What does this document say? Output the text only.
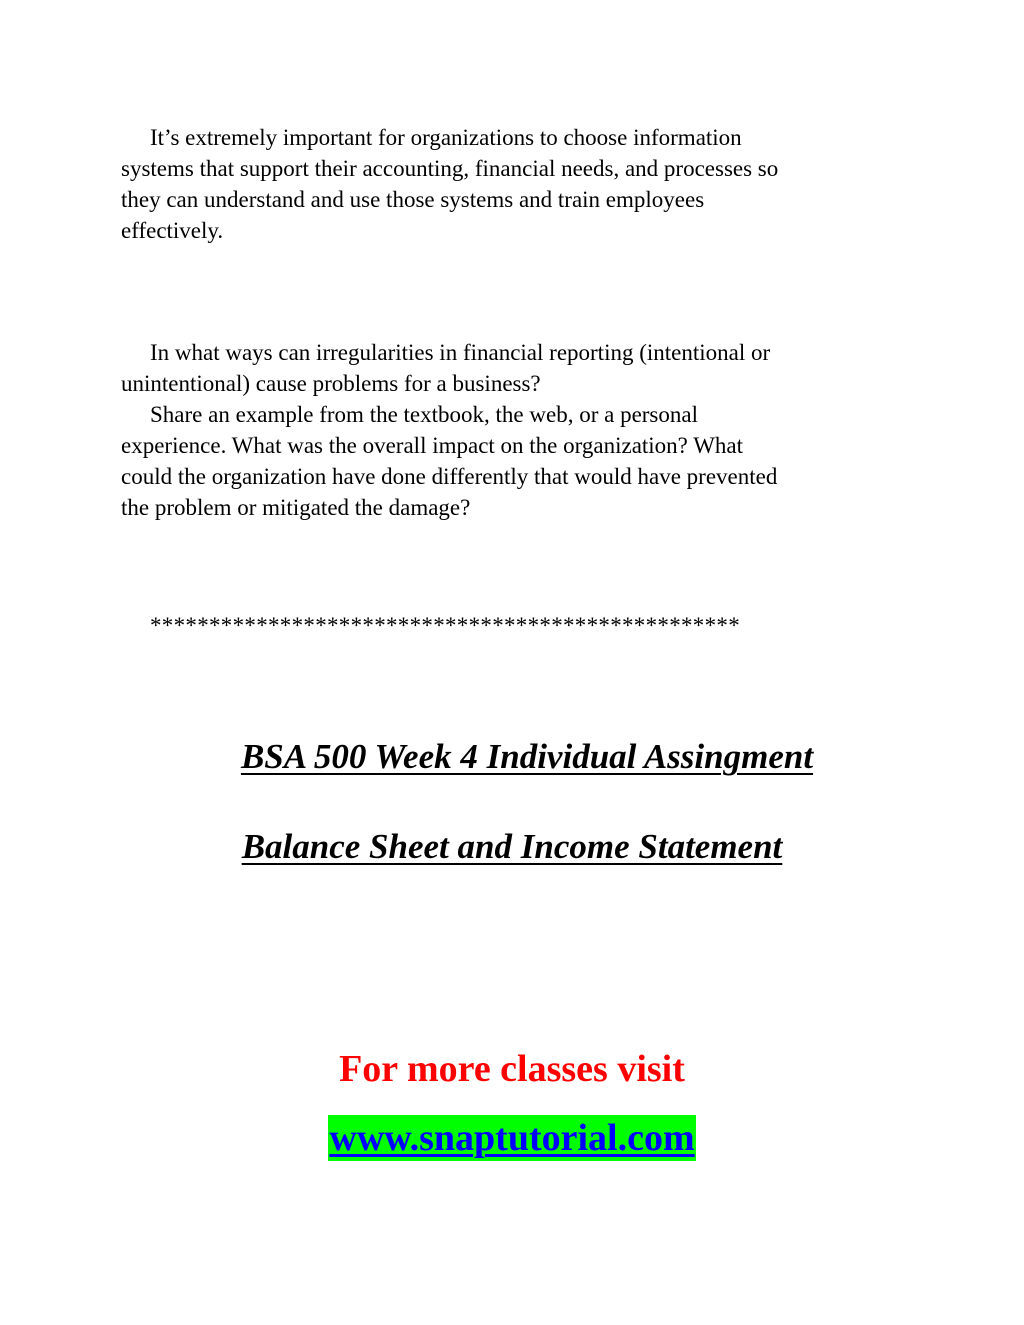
It’s extremely important for organizations to choose information
systems that support their accounting, financial needs, and processes so
they can understand and use those systems and train employees
effectively.
In what ways can irregularities in financial reporting (intentional or
unintentional) cause problems for a business?
Share an example from the textbook, the web, or a personal
experience. What was the overall impact on the organization? What
could the organization have done differently that would have prevented
the problem or mitigated the damage?
**************************************************
BSA 500 Week 4 Individual Assingment
Balance Sheet and Income Statement
For more classes visit
www.snaptutorial.com
